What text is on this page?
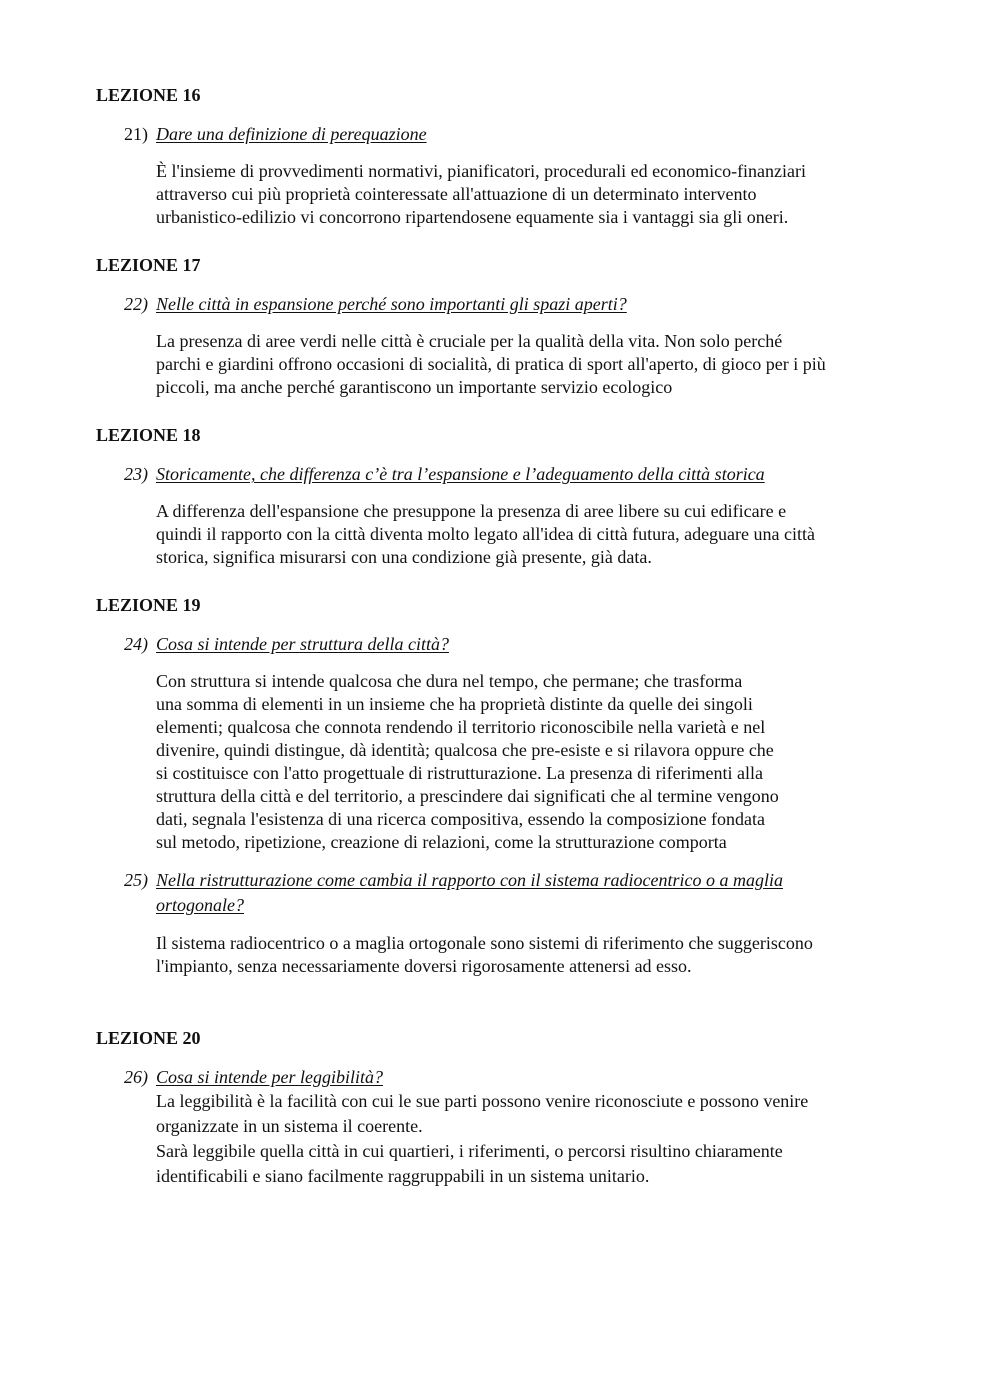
LEZIONE 16

21) Dare una definizione di perequazione

È l'insieme di provvedimenti normativi, pianificatori, procedurali ed economico-finanziari
attraverso cui più proprietà cointeressate all'attuazione di un determinato intervento
urbanistico-edilizio vi concorrono ripartendosene equamente sia i vantaggi sia gli oneri.
LEZIONE 17

22) Nelle città in espansione perché sono importanti gli spazi aperti?

La presenza di aree verdi nelle città è cruciale per la qualità della vita. Non solo perché
parchi e giardini offrono occasioni di socialità, di pratica di sport all'aperto, di gioco per i più
piccoli, ma anche perché garantiscono un importante servizio ecologico
LEZIONE 18

23) Storicamente, che differenza c’è tra l’espansione e l’adeguamento della città storica

A differenza dell'espansione che presuppone la presenza di aree libere su cui edificare e
quindi il rapporto con la città diventa molto legato all'idea di città futura, adeguare una città
storica, significa misurarsi con una condizione già presente, già data.
LEZIONE 19

24) Cosa si intende per struttura della città?

Con struttura si intende qualcosa che dura nel tempo, che permane; che trasforma
una somma di elementi in un insieme che ha proprietà distinte da quelle dei singoli
elementi; qualcosa che connota rendendo il territorio riconoscibile nella varietà e nel
divenire, quindi distingue, dà identità; qualcosa che pre-esiste e si rilavora oppure che
si costituisce con l'atto progettuale di ristrutturazione. La presenza di riferimenti alla
struttura della città e del territorio, a prescindere dai significati che al termine vengono
dati, segnala l'esistenza di una ricerca compositiva, essendo la composizione fondata
sul metodo, ripetizione, creazione di relazioni, come la strutturazione comporta

25) Nella ristrutturazione come cambia il rapporto con il sistema radiocentrico o a maglia
ortogonale?

Il sistema radiocentrico o a maglia ortogonale sono sistemi di riferimento che suggeriscono
l'impianto, senza necessariamente doversi rigorosamente attenersi ad esso.
LEZIONE 20

26) Cosa si intende per leggibilità?

La leggibilità è la facilità con cui le sue parti possono venire riconosciute e possono venire
organizzate in un sistema il coerente.
Sarà leggibile quella città in cui quartieri, i riferimenti, o percorsi risultino chiaramente
identificabili e siano facilmente raggruppabili in un sistema unitario.
